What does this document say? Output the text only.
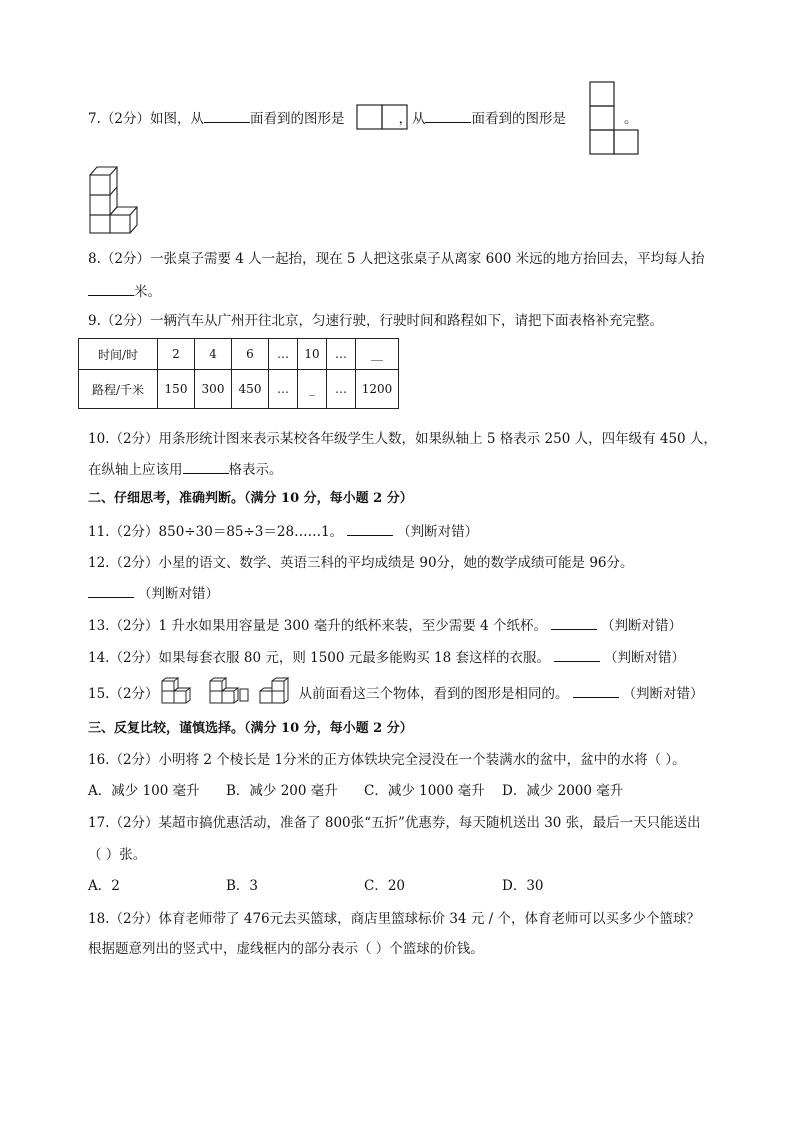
7.（2分）如图，从	面看到的图形是	，从	面看到的图形是	。
8.（2分）一张桌子需要 4 人一起抬，现在 5 人把这张桌子从离家 600 米远的地方抬回去，平均每人抬
米。
9.（2分）一辆汽车从广州开往北京，匀速行驶，行驶时间和路程如下，请把下面表格补充完整。
时间/时	2	4	6	…	10	…	__
路程/千米	150	300	450	…	_	…	1200
10.（2分）用条形统计图来表示某校各年级学生人数，如果纵轴上 5 格表示 250 人，四年级有 450 人，
在纵轴上应该用	格表示。
二、仔细思考，准确判断。（满分 10 分，每小题 2 分）
11.（2分）850÷30＝85÷3＝28……1。	（判断对错）
12.（2分）小星的语文、数学、英语三科的平均成绩是 90分，她的数学成绩可能是 96分。
（判断对错）
13.（2分）1 升水如果用容量是 300 毫升的纸杯来装，至少需要 4 个纸杯。	（判断对错）
14.（2分）如果每套衣服 80 元，则 1500 元最多能购买 18 套这样的衣服。	（判断对错）
15.（2分）	从前面看这三个物体，看到的图形是相同的。	（判断对错）
三、反复比较，谨慎选择。（满分 10 分，每小题 2 分）
16.（2分）小明将 2 个棱长是 1分米的正方体铁块完全浸没在一个装满水的盆中，盆中的水将（ ）。
A．减少 100 毫升 B．减少 200 毫升 C．减少 1000 毫升 D．减少 2000 毫升
17.（2分）某超市搞优惠活动，准备了 800张“五折”优惠券，每天随机送出 30 张，最后一天只能送出
（ ）张。
A．2	B．3	C．20	D．30
18.（2分）体育老师带了 476元去买篮球，商店里篮球标价 34 元 / 个，体育老师可以买多少个篮球？
根据题意列出的竖式中，虚线框内的部分表示（ ）个篮球的价钱。
